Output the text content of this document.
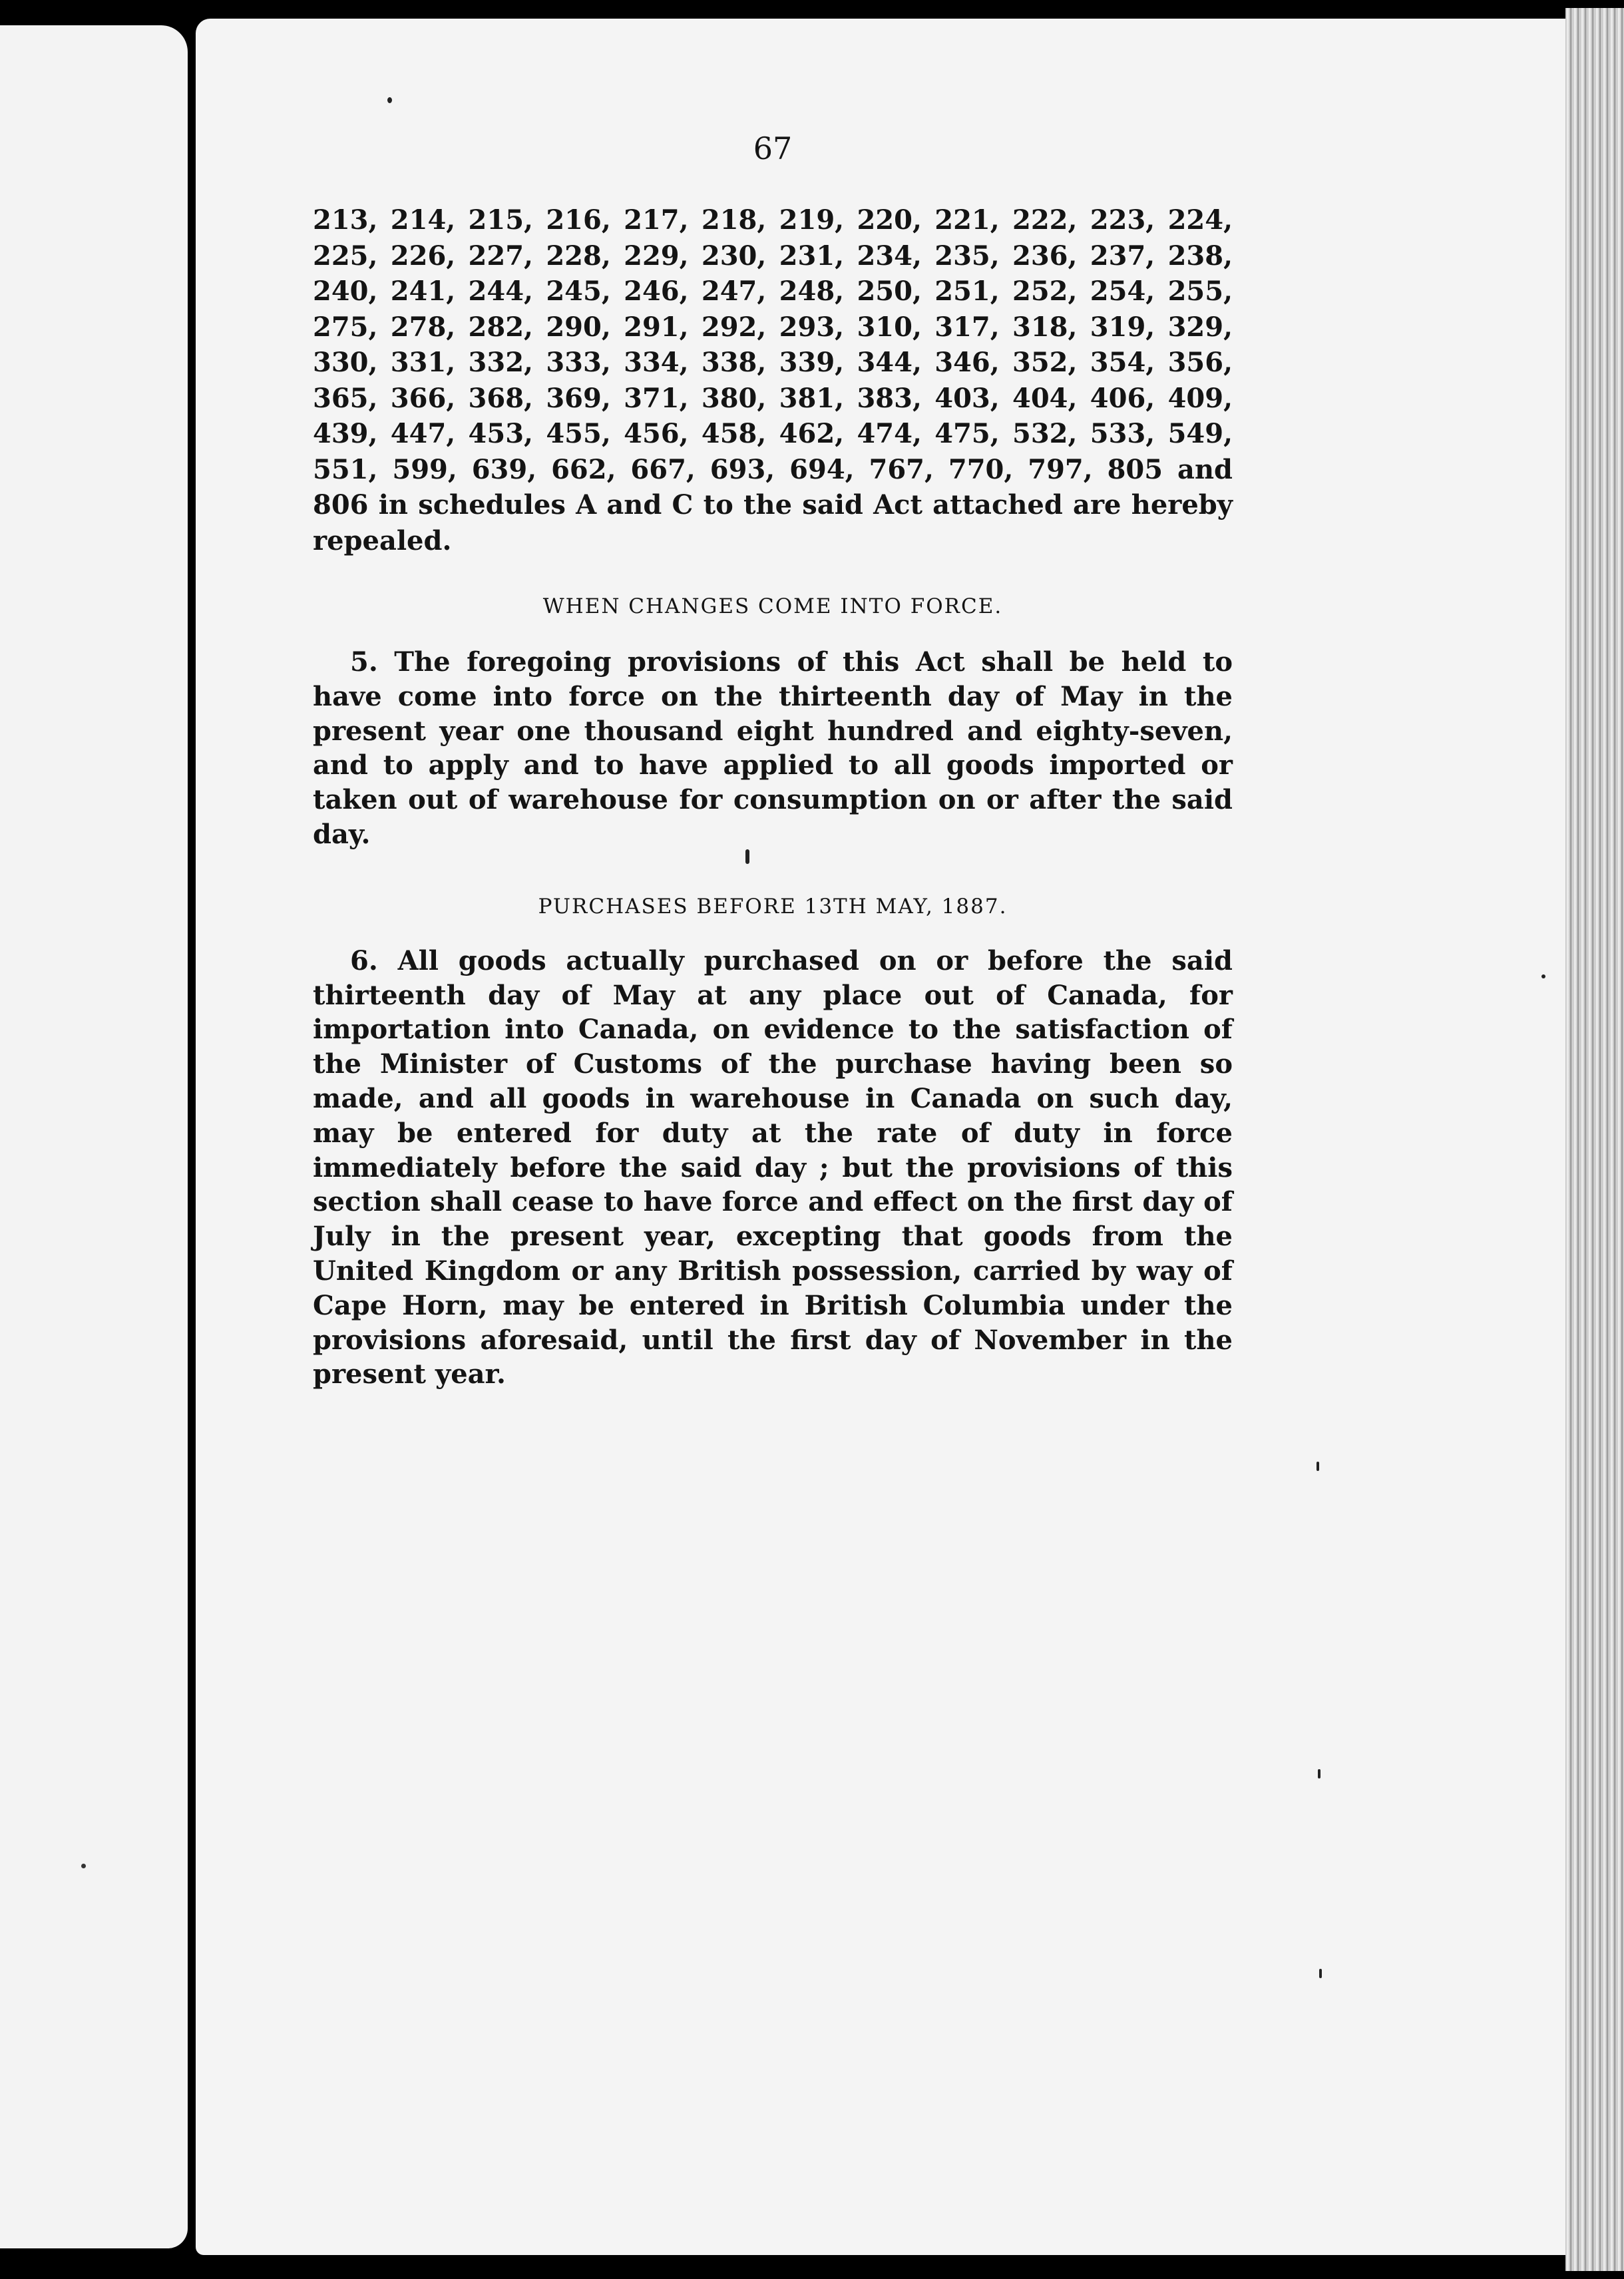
67

213, 214, 215, 216, 217, 218, 219, 220, 221, 222, 223, 224, 225, 226, 227, 228, 229, 230, 231, 234, 235, 236, 237, 238, 240, 241, 244, 245, 246, 247, 248, 250, 251, 252, 254, 255, 275, 278, 282, 290, 291, 292, 293, 310, 317, 318, 319, 329, 330, 331, 332, 333, 334, 338, 339, 344, 346, 352, 354, 356, 365, 366, 368, 369, 371, 380, 381, 383, 403, 404, 406, 409, 439, 447, 453, 455, 456, 458, 462, 474, 475, 532, 533, 549, 551, 599, 639, 662, 667, 693, 694, 767, 770, 797, 805 and 806 in schedules A and C to the said Act attached are hereby repealed.

WHEN CHANGES COME INTO FORCE.

5. The foregoing provisions of this Act shall be held to have come into force on the thirteenth day of May in the present year one thousand eight hundred and eighty-seven, and to apply and to have applied to all goods imported or taken out of warehouse for consumption on or after the said day.

PURCHASES BEFORE 13TH MAY, 1887.

6. All goods actually purchased on or before the said thirteenth day of May at any place out of Canada, for importation into Canada, on evidence to the satisfaction of the Minister of Customs of the purchase having been so made, and all goods in warehouse in Canada on such day, may be entered for duty at the rate of duty in force immediately before the said day ; but the provisions of this section shall cease to have force and effect on the first day of July in the present year, excepting that goods from the United Kingdom or any British possession, carried by way of Cape Horn, may be entered in British Columbia under the provisions aforesaid, until the first day of November in the present year.
